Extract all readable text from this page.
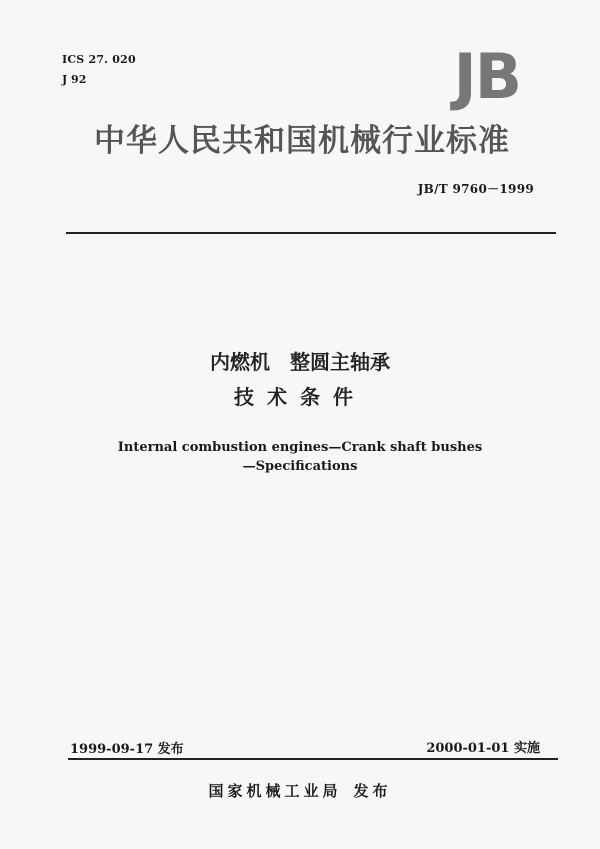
ICS 27. 020
J 92	JB
中华人民共和国机械行业标准
JB/T 9760－1999
内燃机　整圆主轴承
技术条件
Internal combustion engines—Crank shaft bushes
—Specifications
1999-09-17 发布	2000-01-01 实施
国家机械工业局 发布
